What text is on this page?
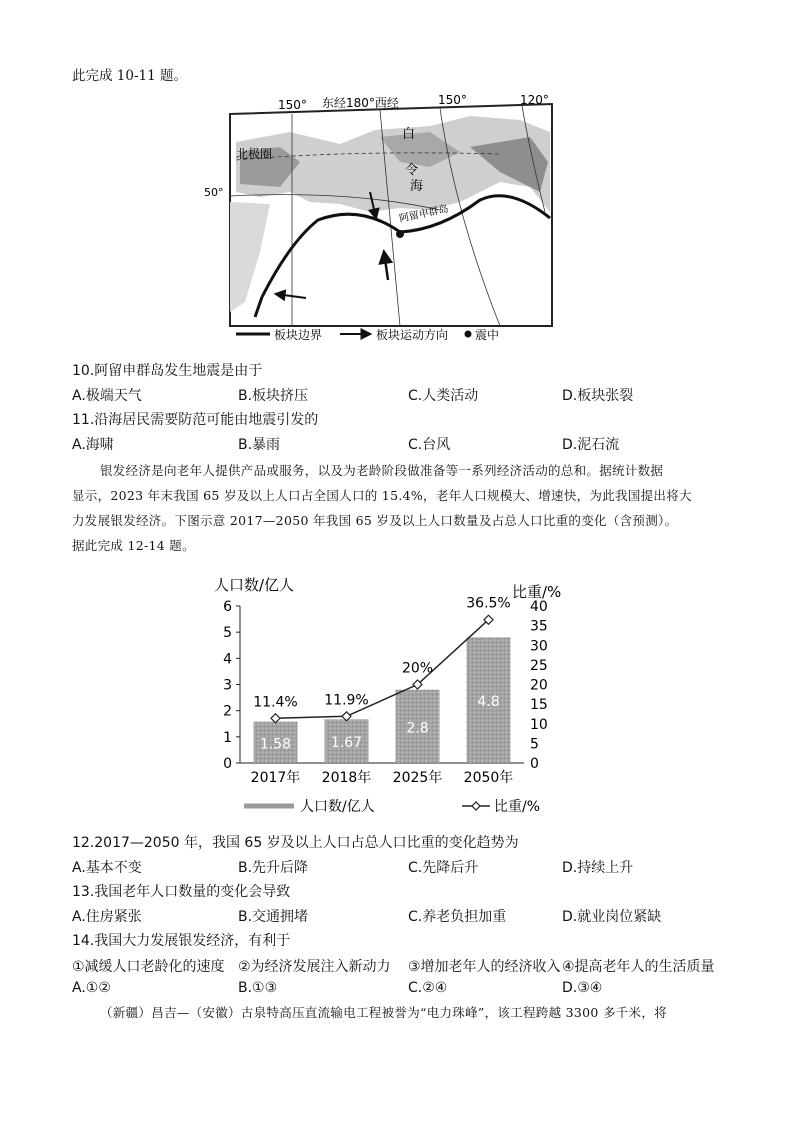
此完成 10-11 题。
150° 东经180°西经	150°	120°
50°
北极圈
白
令
海
阿留申群岛
板块边界	板块运动方向 震中
10.阿留申群岛发生地震是由于
A.极端天气	B.板块挤压	C.人类活动	D.板块张裂
11.沿海居民需要防范可能由地震引发的
A.海啸	B.暴雨	C.台风	D.泥石流
银发经济是向老年人提供产品或服务，以及为老龄阶段做准备等一系列经济活动的总和。据统计数据
显示，2023 年末我国 65 岁及以上人口占全国人口的 15.4%，老年人口规模大、增速快，为此我国提出将大
力发展银发经济。下图示意 2017—2050 年我国 65 岁及以上人口数量及占总人口比重的变化（含预测）。
据此完成 12-14 题。
人口数/亿人	比重/%
0
1
2
3
4
5
6
0
5
10
15
20
25
30
35
40
1.58
2017年
1.67
2018年
2.8
2025年
4.8
2050年
11.4% 11.9%
20%
36.5%
人口数/亿人	比重/%
12.2017—2050 年，我国 65 岁及以上人口占总人口比重的变化趋势为
A.基本不变	B.先升后降	C.先降后升	D.持续上升
13.我国老年人口数量的变化会导致
A.住房紧张	B.交通拥堵	C.养老负担加重	D.就业岗位紧缺
14.我国大力发展银发经济，有利于
①减缓人口老龄化的速度 ②为经济发展注入新动力 ③增加老年人的经济收入 ④提高老年人的生活质量
A.①②	B.①③	C.②④	D.③④
（新疆）昌吉—（安徽）古泉特高压直流输电工程被誉为“电力珠峰”，该工程跨越 3300 多千米，将
